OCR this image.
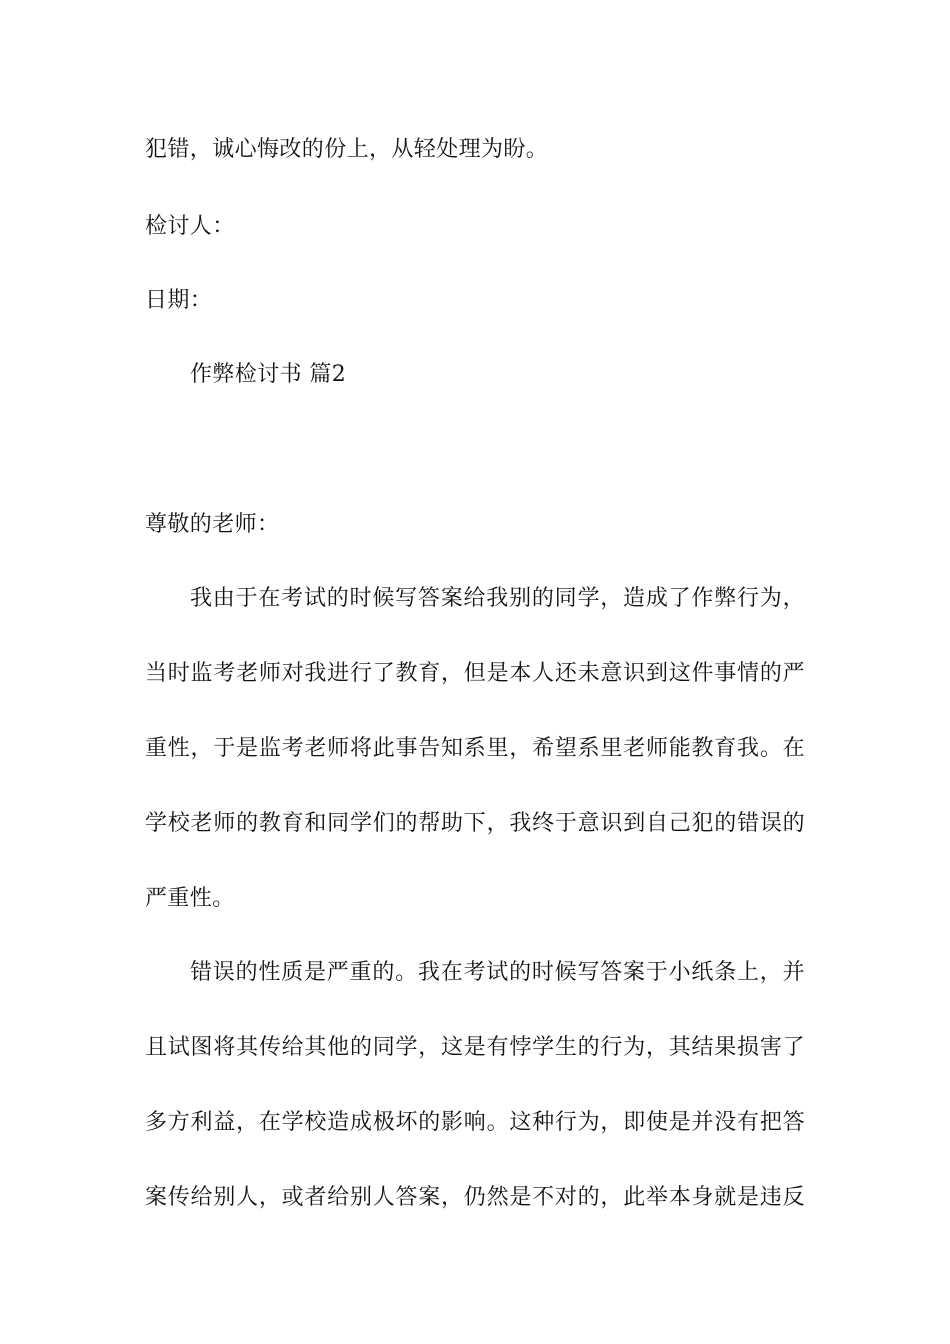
犯错，诚心悔改的份上，从轻处理为盼。
检讨人：
日期：
作弊检讨书 篇2
尊敬的老师：
我由于在考试的时候写答案给我别的同学，造成了作弊行为，
当时监考老师对我进行了教育，但是本人还未意识到这件事情的严
重性，于是监考老师将此事告知系里，希望系里老师能教育我。在
学校老师的教育和同学们的帮助下，我终于意识到自己犯的错误的
严重性。
错误的性质是严重的。我在考试的时候写答案于小纸条上，并
且试图将其传给其他的同学，这是有悖学生的行为，其结果损害了
多方利益，在学校造成极坏的影响。这种行为，即使是并没有把答
案传给别人，或者给别人答案，仍然是不对的，此举本身就是违反
